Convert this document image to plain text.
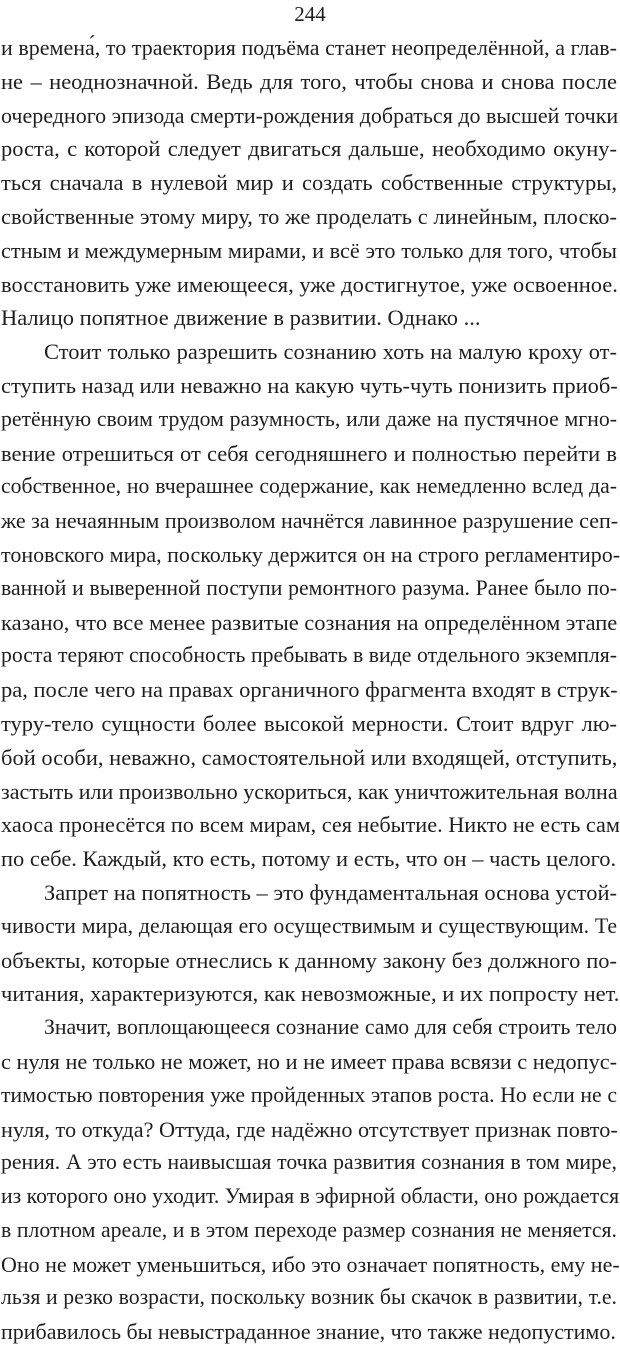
244
и времена́, то траектория подъёма станет неопределённой, а глав-
не – неоднозначной. Ведь для того, чтобы снова и снова после
очередного эпизода смерти-рождения добраться до высшей точки
роста, с которой следует двигаться дальше, необходимо окуну-
ться сначала в нулевой мир и создать собственные структуры,
свойственные этому миру, то же проделать с линейным, плоско-
стным и междумерным мирами, и всё это только для того, чтобы
восстановить уже имеющееся, уже достигнутое, уже освоенное.
Налицо попятное движение в развитии. Однако ...
Стоит только разрешить сознанию хоть на малую кроху от-
ступить назад или неважно на какую чуть-чуть понизить приоб-
ретённую своим трудом разумность, или даже на пустячное мгно-
вение отрешиться от себя сегодняшнего и полностью перейти в
собственное, но вчерашнее содержание, как немедленно вслед да-
же за нечаянным произволом начнётся лавинное разрушение сеп-
тоновского мира, поскольку держится он на строго регламентиро-
ванной и выверенной поступи ремонтного разума. Ранее было по-
казано, что все менее развитые сознания на определённом этапе
роста теряют способность пребывать в виде отдельного экземпля-
ра, после чего на правах органичного фрагмента входят в струк-
туру-тело сущности более высокой мерности. Стоит вдруг лю-
бой особи, неважно, самостоятельной или входящей, отступить,
застыть или произвольно ускориться, как уничтожительная волна
хаоса пронесётся по всем мирам, сея небытие. Никто не есть сам
по себе. Каждый, кто есть, потому и есть, что он – часть целого.
Запрет на попятность – это фундаментальная основа устой-
чивости мира, делающая его осуществимым и существующим. Те
объекты, которые отнеслись к данному закону без должного по-
читания, характеризуются, как невозможные, и их попросту нет.
Значит, воплощающееся сознание само для себя строить тело
с нуля не только не может, но и не имеет права всвязи с недопус-
тимостью повторения уже пройденных этапов роста. Но если не с
нуля, то откуда? Оттуда, где надёжно отсутствует признак повто-
рения. А это есть наивысшая точка развития сознания в том мире,
из которого оно уходит. Умирая в эфирной области, оно рождается
в плотном ареале, и в этом переходе размер сознания не меняется.
Оно не может уменьшиться, ибо это означает попятность, ему не-
льзя и резко возрасти, поскольку возник бы скачок в развитии, т.е.
прибавилось бы невыстраданное знание, что также недопустимо.
